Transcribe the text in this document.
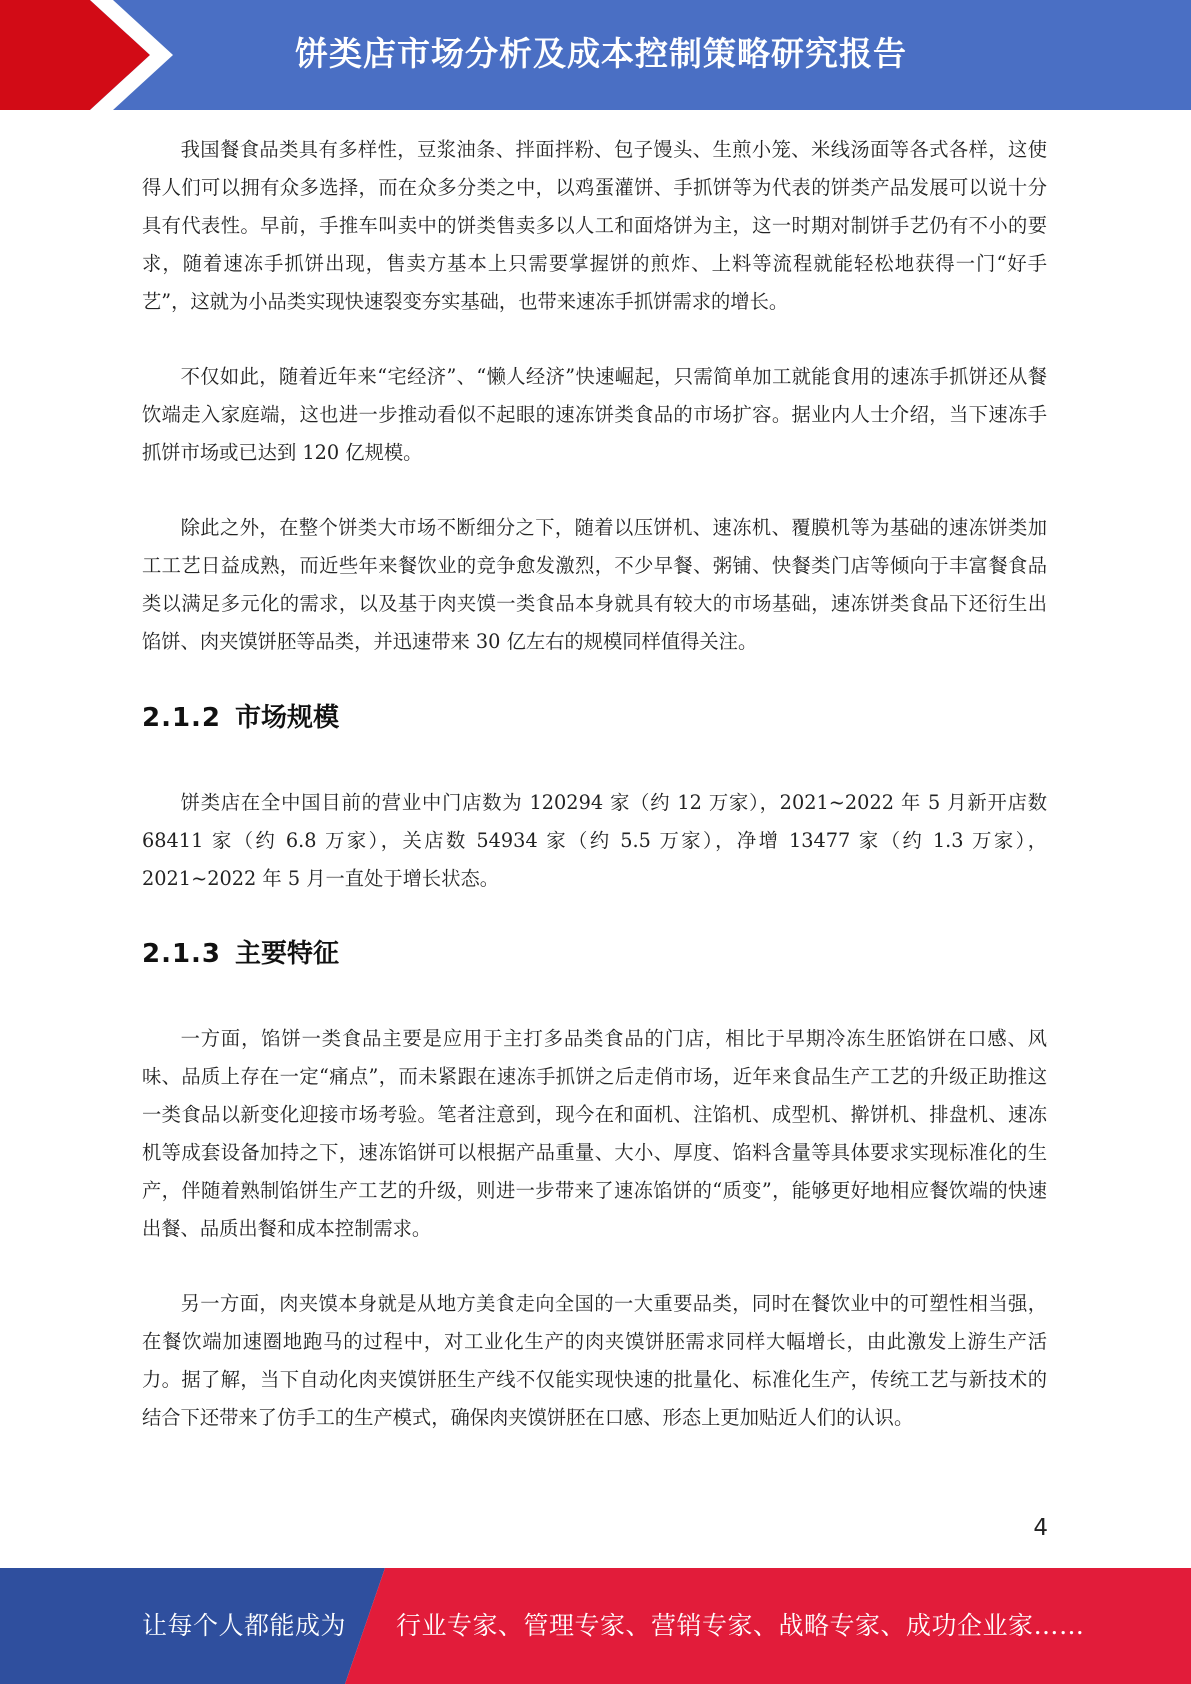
饼类店市场分析及成本控制策略研究报告

我国餐食品类具有多样性，豆浆油条、拌面拌粉、包子馒头、生煎小笼、米线汤面等各式各样，这使得人们可以拥有众多选择，而在众多分类之中，以鸡蛋灌饼、手抓饼等为代表的饼类产品发展可以说十分具有代表性。早前，手推车叫卖中的饼类售卖多以人工和面烙饼为主，这一时期对制饼手艺仍有不小的要求，随着速冻手抓饼出现，售卖方基本上只需要掌握饼的煎炸、上料等流程就能轻松地获得一门“好手艺”，这就为小品类实现快速裂变夯实基础，也带来速冻手抓饼需求的增长。

不仅如此，随着近年来“宅经济”、“懒人经济”快速崛起，只需简单加工就能食用的速冻手抓饼还从餐饮端走入家庭端，这也进一步推动看似不起眼的速冻饼类食品的市场扩容。据业内人士介绍，当下速冻手抓饼市场或已达到 120 亿规模。

除此之外，在整个饼类大市场不断细分之下，随着以压饼机、速冻机、覆膜机等为基础的速冻饼类加工工艺日益成熟，而近些年来餐饮业的竞争愈发激烈，不少早餐、粥铺、快餐类门店等倾向于丰富餐食品类以满足多元化的需求，以及基于肉夹馍一类食品本身就具有较大的市场基础，速冻饼类食品下还衍生出馅饼、肉夹馍饼胚等品类，并迅速带来 30 亿左右的规模同样值得关注。

2.1.2 市场规模

饼类店在全中国目前的营业中门店数为 120294 家（约 12 万家），2021~2022 年 5 月新开店数 68411 家（约 6.8 万家），关店数 54934 家（约 5.5 万家），净增 13477 家（约 1.3 万家），2021~2022 年 5 月一直处于增长状态。

2.1.3 主要特征

一方面，馅饼一类食品主要是应用于主打多品类食品的门店，相比于早期冷冻生胚馅饼在口感、风味、品质上存在一定“痛点”，而未紧跟在速冻手抓饼之后走俏市场，近年来食品生产工艺的升级正助推这一类食品以新变化迎接市场考验。笔者注意到，现今在和面机、注馅机、成型机、擀饼机、排盘机、速冻机等成套设备加持之下，速冻馅饼可以根据产品重量、大小、厚度、馅料含量等具体要求实现标准化的生产，伴随着熟制馅饼生产工艺的升级，则进一步带来了速冻馅饼的“质变”，能够更好地相应餐饮端的快速出餐、品质出餐和成本控制需求。

另一方面，肉夹馍本身就是从地方美食走向全国的一大重要品类，同时在餐饮业中的可塑性相当强，在餐饮端加速圈地跑马的过程中，对工业化生产的肉夹馍饼胚需求同样大幅增长，由此激发上游生产活力。据了解，当下自动化肉夹馍饼胚生产线不仅能实现快速的批量化、标准化生产，传统工艺与新技术的结合下还带来了仿手工的生产模式，确保肉夹馍饼胚在口感、形态上更加贴近人们的认识。

4
让每个人都能成为 行业专家、管理专家、营销专家、战略专家、成功企业家……
